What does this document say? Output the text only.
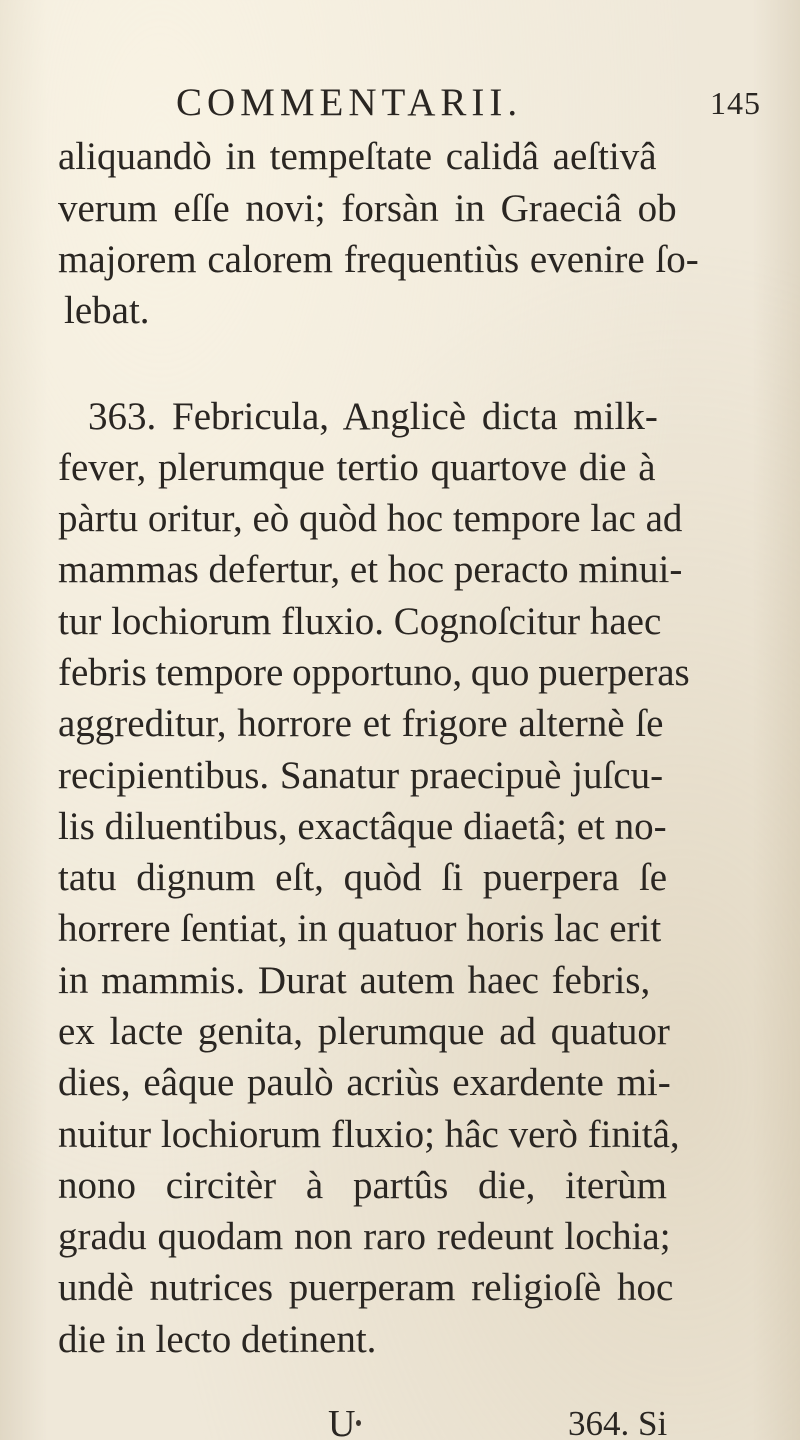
COMMENTARII.	145
aliquandò in tempeſtate calidâ aeſtivâ
verum eſſe novi; forsàn in Graeciâ ob
majorem calorem frequentiùs evenire ſo-
lebat.
363. Febricula, Anglicè dicta milk-
fever, plerumque tertio quartove die à
pàrtu oritur, eò quòd hoc tempore lac ad
mammas defertur, et hoc peracto minui-
tur lochiorum fluxio. Cognoſcitur haec
febris tempore opportuno, quo puerperas
aggreditur, horrore et frigore alternè ſe
recipientibus. Sanatur praecipuè juſcu-
lis diluentibus, exactâque diaetâ; et no-
tatu dignum eſt, quòd ſi puerpera ſe
horrere ſentiat, in quatuor horis lac erit
in mammis. Durat autem haec febris,
ex lacte genita, plerumque ad quatuor
dies, eâque paulò acriùs exardente mi-
nuitur lochiorum fluxio; hâc verò finitâ,
nono circitèr à partûs die, iterùm
gradu quodam non raro redeunt lochia;
undè nutrices puerperam religioſè hoc
die in lecto detinent.
U	364. Si
